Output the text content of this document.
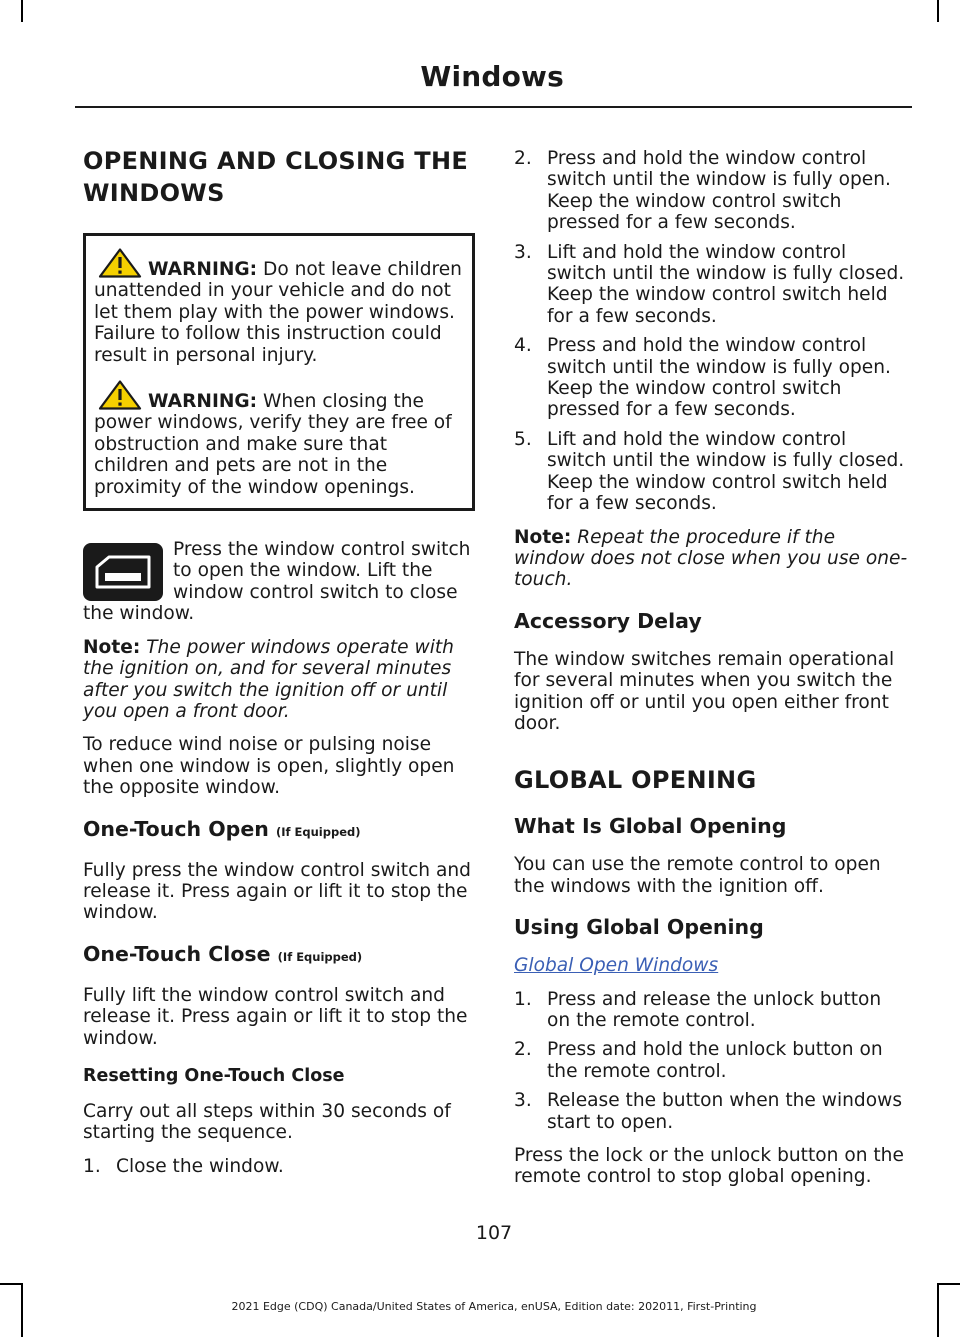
Windows
OPENING AND CLOSING THE WINDOWS

WARNING: Do not leave children unattended in your vehicle and do not let them play with the power windows. Failure to follow this instruction could result in personal injury.

WARNING: When closing the power windows, verify they are free of obstruction and make sure that children and pets are not in the proximity of the window openings.

Press the window control switch to open the window. Lift the window control switch to close the window.

Note: The power windows operate with the ignition on, and for several minutes after you switch the ignition off or until you open a front door.

To reduce wind noise or pulsing noise when one window is open, slightly open the opposite window.

One-Touch Open (If Equipped)

Fully press the window control switch and release it. Press again or lift it to stop the window.

One-Touch Close (If Equipped)

Fully lift the window control switch and release it. Press again or lift it to stop the window.

Resetting One-Touch Close

Carry out all steps within 30 seconds of starting the sequence.

1. Close the window.
2. Press and hold the window control switch until the window is fully open. Keep the window control switch pressed for a few seconds.
3. Lift and hold the window control switch until the window is fully closed. Keep the window control switch held for a few seconds.
4. Press and hold the window control switch until the window is fully open. Keep the window control switch pressed for a few seconds.
5. Lift and hold the window control switch until the window is fully closed. Keep the window control switch held for a few seconds.

Note: Repeat the procedure if the window does not close when you use one-touch.

Accessory Delay

The window switches remain operational for several minutes when you switch the ignition off or until you open either front door.

GLOBAL OPENING
What Is Global Opening

You can use the remote control to open the windows with the ignition off.

Using Global Opening

Global Open Windows

1. Press and release the unlock button on the remote control.
2. Press and hold the unlock button on the remote control.
3. Release the button when the windows start to open.

Press the lock or the unlock button on the remote control to stop global opening.

107
2021 Edge (CDQ) Canada/United States of America, enUSA, Edition date: 202011, First-Printing
